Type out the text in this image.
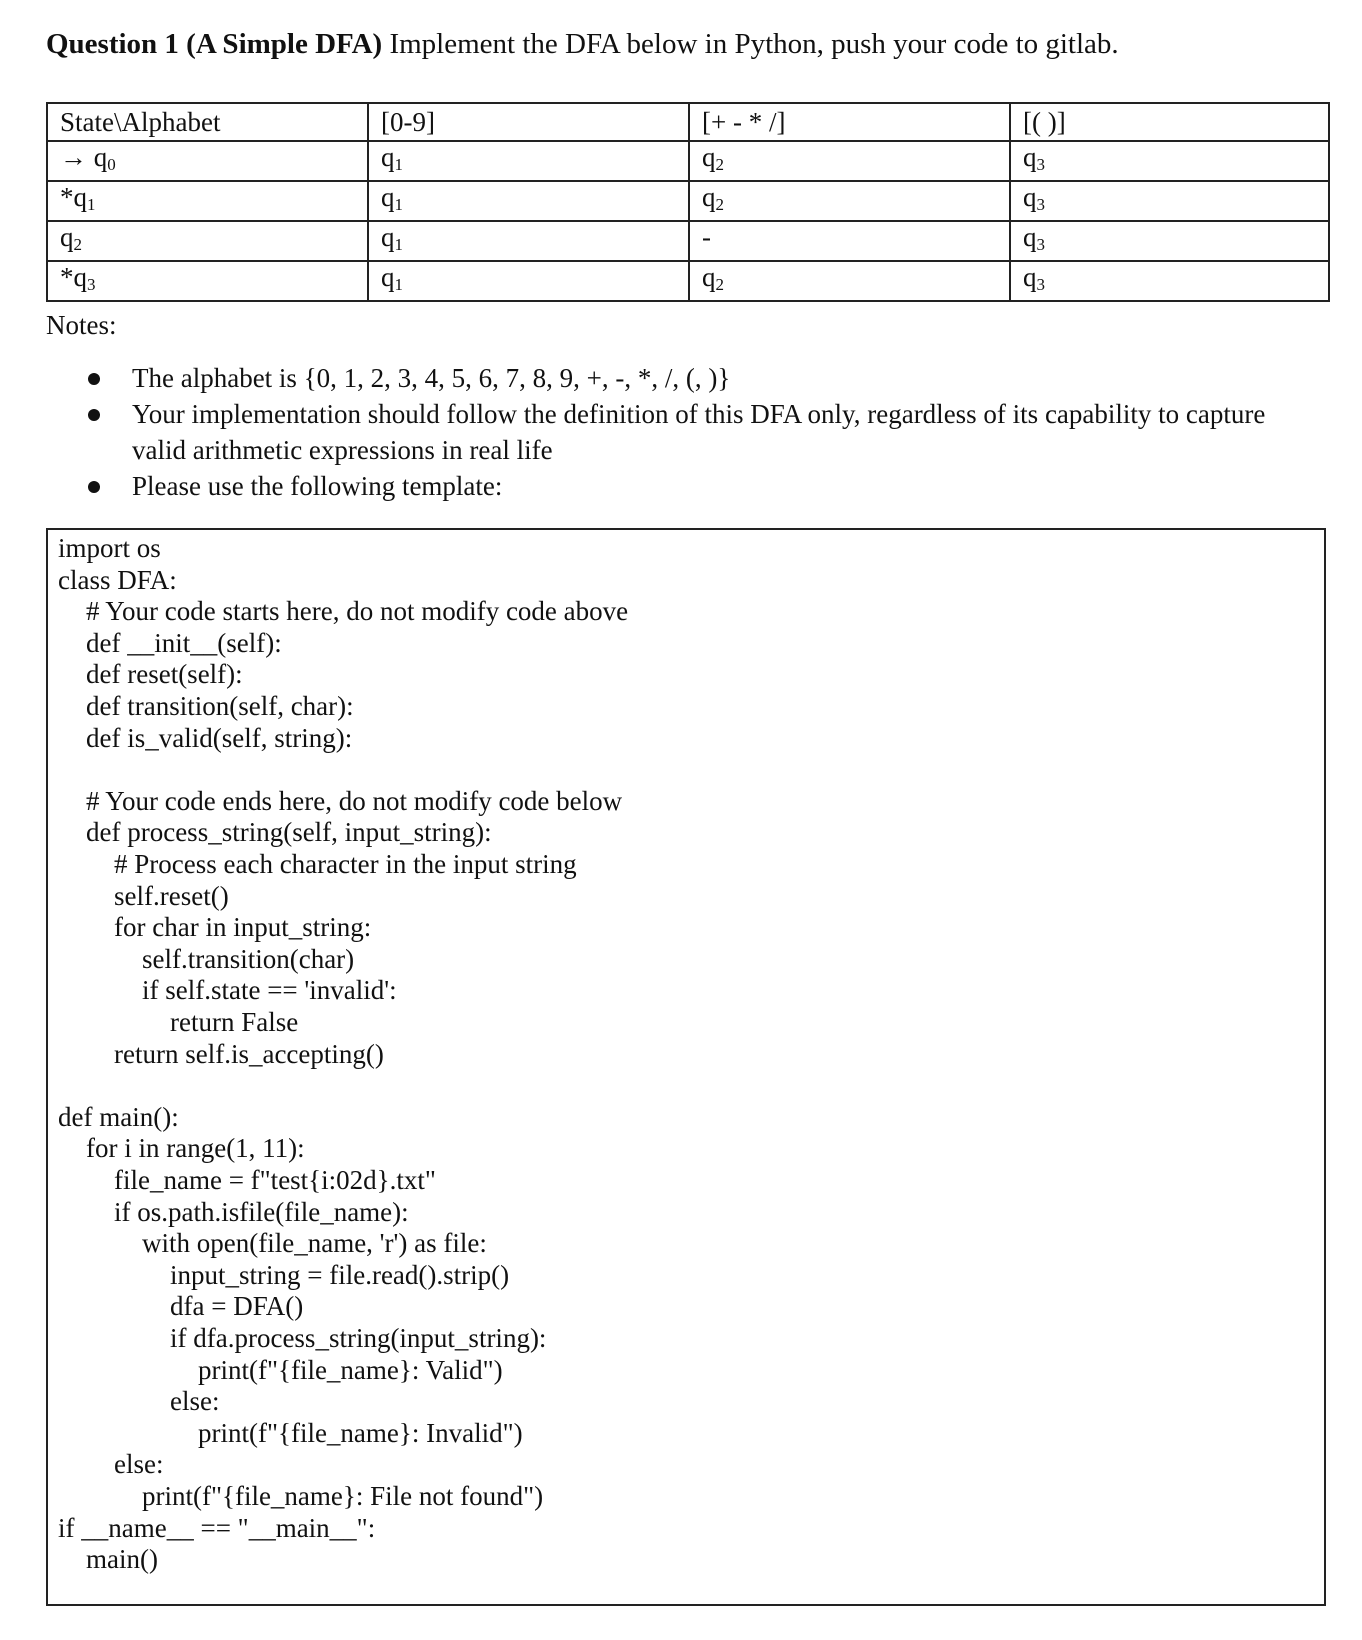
Question 1 (A Simple DFA) Implement the DFA below in Python, push your code to gitlab.
State\Alphabet	[0-9]	[+ - * /]	[( )]
→ $q_0$	$q_1$	$q_2$	$q_3$
$*q_1$	$q_1$	$q_2$	$q_3$
$q_2$	$q_1$	-	$q_3$
$*q_3$	$q_1$	$q_2$	$q_3$
Notes:
The alphabet is {0, 1, 2, 3, 4, 5, 6, 7, 8, 9, +, -, *, /, (, )}
Your implementation should follow the definition of this DFA only, regardless of its capability to capture valid arithmetic expressions in real life
Please use the following template:
import os
class DFA:
# Your code starts here, do not modify code above
def __init__(self):
def reset(self):
def transition(self, char):
def is_valid(self, string):
# Your code ends here, do not modify code below
def process_string(self, input_string):
# Process each character in the input string
self.reset()
for char in input_string:
self.transition(char)
if self.state == 'invalid':
return False
return self.is_accepting()
def main():
for i in range(1, 11):
file_name = f"test{i:02d}.txt"
if os.path.isfile(file_name):
with open(file_name, 'r') as file:
input_string = file.read().strip()
dfa = DFA()
if dfa.process_string(input_string):
print(f"{file_name}: Valid")
else:
print(f"{file_name}: Invalid")
else:
print(f"{file_name}: File not found")
if __name__ == "__main__":
main()
